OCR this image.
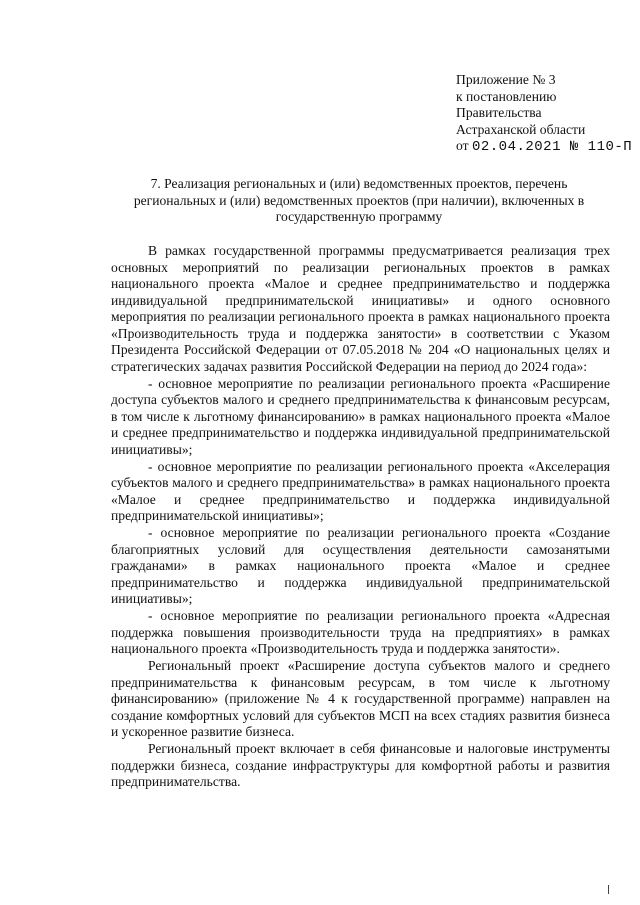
Приложение № 3
к постановлению
Правительства
Астраханской области
от 02.04.2021 № 110-П
7. Реализация региональных и (или) ведомственных проектов, перечень региональных и (или) ведомственных проектов (при наличии), включенных в государственную программу

В рамках государственной программы предусматривается реализация трех основных мероприятий по реализации региональных проектов в рамках национального проекта «Малое и среднее предпринимательство и поддержка индивидуальной предпринимательской инициативы» и одного основного мероприятия по реализации регионального проекта в рамках национального проекта «Производительность труда и поддержка занятости» в соответствии с Указом Президента Российской Федерации от 07.05.2018 № 204 «О национальных целях и стратегических задачах развития Российской Федерации на период до 2024 года»:

- основное мероприятие по реализации регионального проекта «Расширение доступа субъектов малого и среднего предпринимательства к финансовым ресурсам, в том числе к льготному финансированию» в рамках национального проекта «Малое и среднее предпринимательство и поддержка индивидуальной предпринимательской инициативы»;

- основное мероприятие по реализации регионального проекта «Акселерация субъектов малого и среднего предпринимательства» в рамках национального проекта «Малое и среднее предпринимательство и поддержка индивидуальной предпринимательской инициативы»;

- основное мероприятие по реализации регионального проекта «Создание благоприятных условий для осуществления деятельности самозанятыми гражданами» в рамках национального проекта «Малое и среднее предпринимательство и поддержка индивидуальной предпринимательской инициативы»;

- основное мероприятие по реализации регионального проекта «Адресная поддержка повышения производительности труда на предприятиях» в рамках национального проекта «Производительность труда и поддержка занятости».

Региональный проект «Расширение доступа субъектов малого и среднего предпринимательства к финансовым ресурсам, в том числе к льготному финансированию» (приложение № 4 к государственной программе) направлен на создание комфортных условий для субъектов МСП на всех стадиях развития бизнеса и ускоренное развитие бизнеса.

Региональный проект включает в себя финансовые и налоговые инструменты поддержки бизнеса, создание инфраструктуры для комфортной работы и развития предпринимательства.
